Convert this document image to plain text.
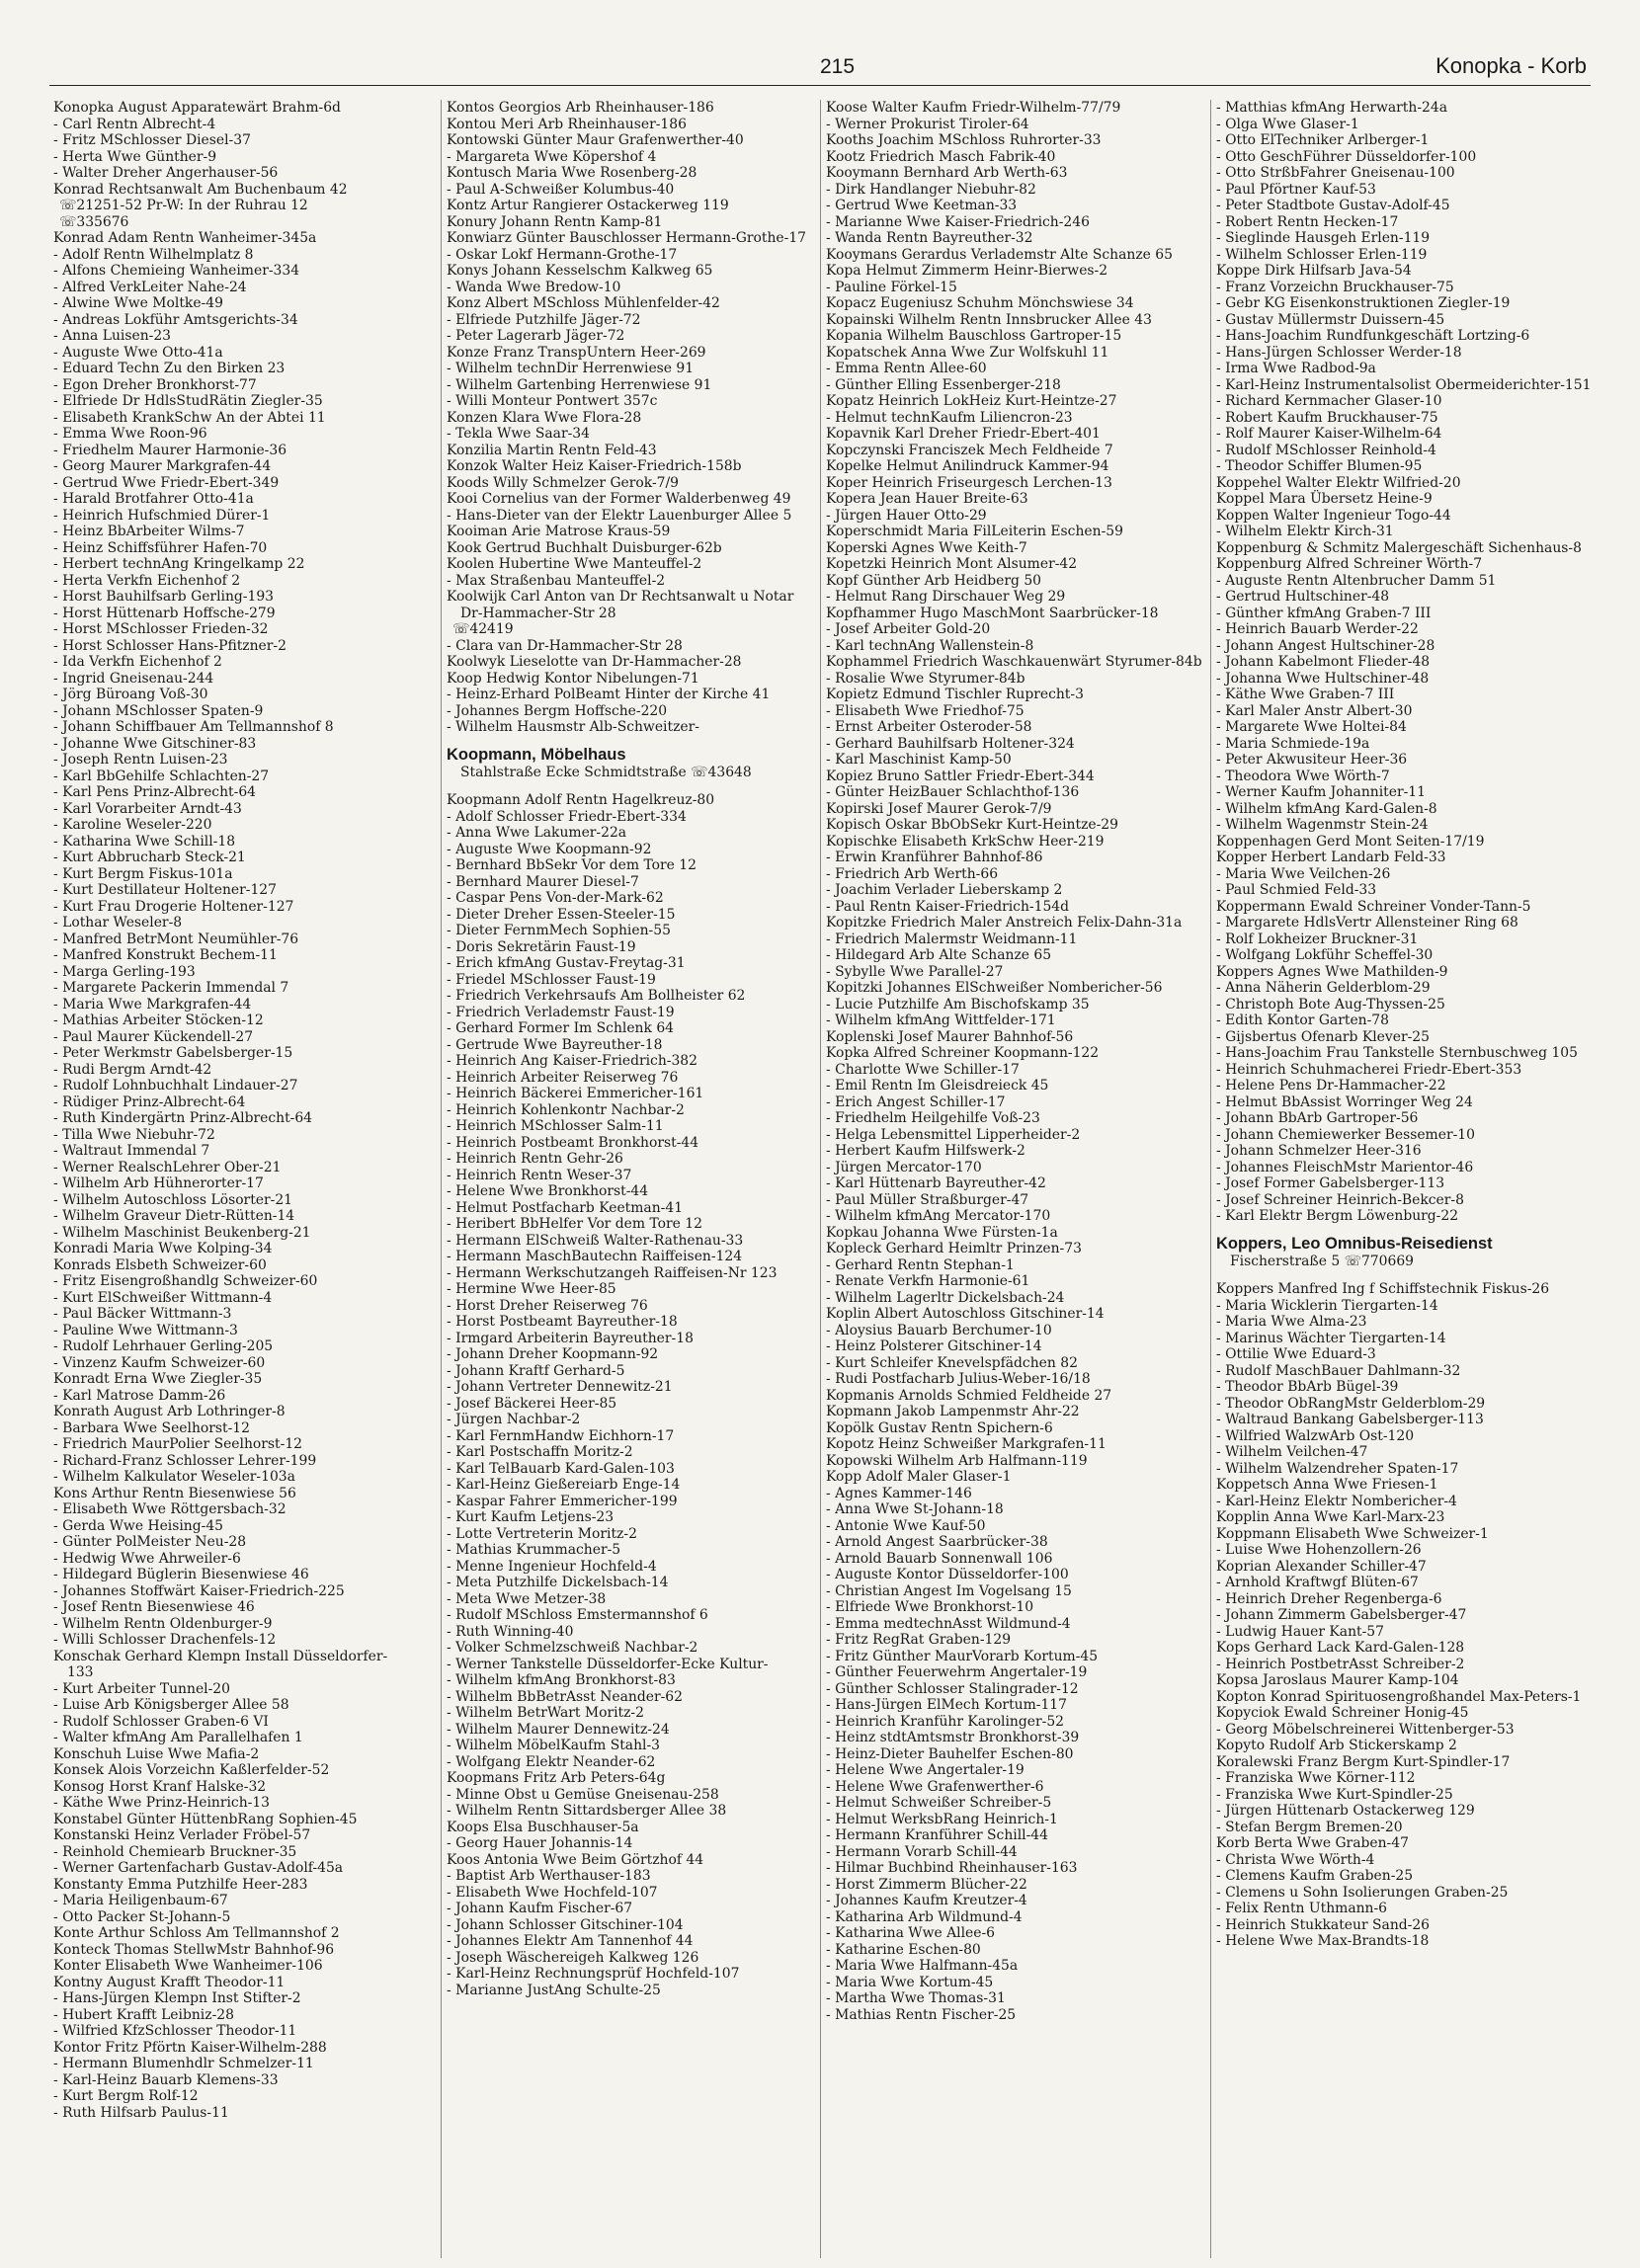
215	Konopka - Korb
Konopka August Apparatewärt Brahm-6d
- Carl Rentn Albrecht-4
- Fritz MSchlosser Diesel-37
- Herta Wwe Günther-9
- Walter Dreher Angerhauser-56
Konrad Rechtsanwalt Am Buchenbaum 42
☏21251-52 Pr-W: In der Ruhrau 12
☏335676
Konrad Adam Rentn Wanheimer-345a
- Adolf Rentn Wilhelmplatz 8
- Alfons Chemieing Wanheimer-334
- Alfred VerkLeiter Nahe-24
- Alwine Wwe Moltke-49
- Andreas Lokführ Amtsgerichts-34
- Anna Luisen-23
- Auguste Wwe Otto-41a
- Eduard Techn Zu den Birken 23
- Egon Dreher Bronkhorst-77
- Elfriede Dr HdlsStudRätin Ziegler-35
- Elisabeth KrankSchw An der Abtei 11
- Emma Wwe Roon-96
- Friedhelm Maurer Harmonie-36
- Georg Maurer Markgrafen-44
- Gertrud Wwe Friedr-Ebert-349
- Harald Brotfahrer Otto-41a
- Heinrich Hufschmied Dürer-1
- Heinz BbArbeiter Wilms-7
- Heinz Schiffsführer Hafen-70
- Herbert technAng Kringelkamp 22
- Herta Verkfn Eichenhof 2
- Horst Bauhilfsarb Gerling-193
- Horst Hüttenarb Hoffsche-279
- Horst MSchlosser Frieden-32
- Horst Schlosser Hans-Pfitzner-2
- Ida Verkfn Eichenhof 2
- Ingrid Gneisenau-244
- Jörg Büroang Voß-30
- Johann MSchlosser Spaten-9
- Johann Schiffbauer Am Tellmannshof 8
- Johanne Wwe Gitschiner-83
- Joseph Rentn Luisen-23
- Karl BbGehilfe Schlachten-27
- Karl Pens Prinz-Albrecht-64
- Karl Vorarbeiter Arndt-43
- Karoline Weseler-220
- Katharina Wwe Schill-18
- Kurt Abbrucharb Steck-21
- Kurt Bergm Fiskus-101a
- Kurt Destillateur Holtener-127
- Kurt Frau Drogerie Holtener-127
- Lothar Weseler-8
- Manfred BetrMont Neumühler-76
- Manfred Konstrukt Bechem-11
- Marga Gerling-193
- Margarete Packerin Immendal 7
- Maria Wwe Markgrafen-44
- Mathias Arbeiter Stöcken-12
- Paul Maurer Kückendell-27
- Peter Werkmstr Gabelsberger-15
- Rudi Bergm Arndt-42
- Rudolf Lohnbuchhalt Lindauer-27
- Rüdiger Prinz-Albrecht-64
- Ruth Kindergärtn Prinz-Albrecht-64
- Tilla Wwe Niebuhr-72
- Waltraut Immendal 7
- Werner RealschLehrer Ober-21
- Wilhelm Arb Hühnerorter-17
- Wilhelm Autoschloss Lösorter-21
- Wilhelm Graveur Dietr-Rütten-14
- Wilhelm Maschinist Beukenberg-21
Konradi Maria Wwe Kolping-34
Konrads Elsbeth Schweizer-60
- Fritz Eisengroßhandlg Schweizer-60
- Kurt ElSchweißer Wittmann-4
- Paul Bäcker Wittmann-3
- Pauline Wwe Wittmann-3
- Rudolf Lehrhauer Gerling-205
- Vinzenz Kaufm Schweizer-60
Konradt Erna Wwe Ziegler-35
- Karl Matrose Damm-26
Konrath August Arb Lothringer-8
- Barbara Wwe Seelhorst-12
- Friedrich MaurPolier Seelhorst-12
- Richard-Franz Schlosser Lehrer-199
- Wilhelm Kalkulator Weseler-103a
Kons Arthur Rentn Biesenwiese 56
- Elisabeth Wwe Röttgersbach-32
- Gerda Wwe Heising-45
- Günter PolMeister Neu-28
- Hedwig Wwe Ahrweiler-6
- Hildegard Büglerin Biesenwiese 46
- Johannes Stoffwärt Kaiser-Friedrich-225
- Josef Rentn Biesenwiese 46
- Wilhelm Rentn Oldenburger-9
- Willi Schlosser Drachenfels-12
Konschak Gerhard Klempn Install Düsseldorfer-133
- Kurt Arbeiter Tunnel-20
- Luise Arb Königsberger Allee 58
- Rudolf Schlosser Graben-6 VI
- Walter kfmAng Am Parallelhafen 1
Konschuh Luise Wwe Mafia-2
Konsek Alois Vorzeichn Kaßlerfelder-52
Konsog Horst Kranf Halske-32
- Käthe Wwe Prinz-Heinrich-13
Konstabel Günter HüttenbRang Sophien-45
Konstanski Heinz Verlader Fröbel-57
- Reinhold Chemiearb Bruckner-35
- Werner Gartenfacharb Gustav-Adolf-45a
Konstanty Emma Putzhilfe Heer-283
- Maria Heiligenbaum-67
- Otto Packer St-Johann-5
Konte Arthur Schloss Am Tellmannshof 2
Konteck Thomas StellwMstr Bahnhof-96
Konter Elisabeth Wwe Wanheimer-106
Kontny August Krafft Theodor-11
- Hans-Jürgen Klempn Inst Stifter-2
- Hubert Krafft Leibniz-28
- Wilfried KfzSchlosser Theodor-11
Kontor Fritz Pförtn Kaiser-Wilhelm-288
- Hermann Blumenhdlr Schmelzer-11
- Karl-Heinz Bauarb Klemens-33
- Kurt Bergm Rolf-12
- Ruth Hilfsarb Paulus-11
Kontos Georgios Arb Rheinhauser-186
Kontou Meri Arb Rheinhauser-186
Kontowski Günter Maur Grafenwerther-40
- Margareta Wwe Köpershof 4
Kontusch Maria Wwe Rosenberg-28
- Paul A-Schweißer Kolumbus-40
Kontz Artur Rangierer Ostackerweg 119
Konury Johann Rentn Kamp-81
Konwiarz Günter Bauschlosser Hermann-Grothe-17
- Oskar Lokf Hermann-Grothe-17
Konys Johann Kesselschm Kalkweg 65
- Wanda Wwe Bredow-10
Konz Albert MSchloss Mühlenfelder-42
- Elfriede Putzhilfe Jäger-72
- Peter Lagerarb Jäger-72
Konze Franz TranspUntern Heer-269
- Wilhelm technDir Herrenwiese 91
- Wilhelm Gartenbing Herrenwiese 91
- Willi Monteur Pontwert 357c
Konzen Klara Wwe Flora-28
- Tekla Wwe Saar-34
Konzilia Martin Rentn Feld-43
Konzok Walter Heiz Kaiser-Friedrich-158b
Koods Willy Schmelzer Gerok-7/9
Kooi Cornelius van der Former Walderbenweg 49
- Hans-Dieter van der Elektr Lauenburger Allee 5
Kooiman Arie Matrose Kraus-59
Kook Gertrud Buchhalt Duisburger-62b
Koolen Hubertine Wwe Manteuffel-2
- Max Straßenbau Manteuffel-2
Koolwijk Carl Anton van Dr Rechtsanwalt u Notar Dr-Hammacher-Str 28
☏42419
- Clara van Dr-Hammacher-Str 28
Koolwyk Lieselotte van Dr-Hammacher-28
Koop Hedwig Kontor Nibelungen-71
- Heinz-Erhard PolBeamt Hinter der Kirche 41
- Johannes Bergm Hoffsche-220
- Wilhelm Hausmstr Alb-Schweitzer-
Koopmann, Möbelhaus
Stahlstraße Ecke Schmidtstraße ☏43648
Koopmann Adolf Rentn Hagelkreuz-80
- Adolf Schlosser Friedr-Ebert-334
- Anna Wwe Lakumer-22a
- Auguste Wwe Koopmann-92
- Bernhard BbSekr Vor dem Tore 12
- Bernhard Maurer Diesel-7
- Caspar Pens Von-der-Mark-62
- Dieter Dreher Essen-Steeler-15
- Dieter FernmMech Sophien-55
- Doris Sekretärin Faust-19
- Erich kfmAng Gustav-Freytag-31
- Friedel MSchlosser Faust-19
- Friedrich Verkehrsaufs Am Bollheister 62
- Friedrich Verlademstr Faust-19
- Gerhard Former Im Schlenk 64
- Gertrude Wwe Bayreuther-18
- Heinrich Ang Kaiser-Friedrich-382
- Heinrich Arbeiter Reiserweg 76
- Heinrich Bäckerei Emmericher-161
- Heinrich Kohlenkontr Nachbar-2
- Heinrich MSchlosser Salm-11
- Heinrich Postbeamt Bronkhorst-44
- Heinrich Rentn Gehr-26
- Heinrich Rentn Weser-37
- Helene Wwe Bronkhorst-44
- Helmut Postfacharb Keetman-41
- Heribert BbHelfer Vor dem Tore 12
- Hermann ElSchweiß Walter-Rathenau-33
- Hermann MaschBautechn Raiffeisen-124
- Hermann Werkschutzangeh Raiffeisen-Nr 123
- Hermine Wwe Heer-85
- Horst Dreher Reiserweg 76
- Horst Postbeamt Bayreuther-18
- Irmgard Arbeiterin Bayreuther-18
- Johann Dreher Koopmann-92
- Johann Kraftf Gerhard-5
- Johann Vertreter Dennewitz-21
- Josef Bäckerei Heer-85
- Jürgen Nachbar-2
- Karl FernmHandw Eichhorn-17
- Karl Postschaffn Moritz-2
- Karl TelBauarb Kard-Galen-103
- Karl-Heinz Gießereiarb Enge-14
- Kaspar Fahrer Emmericher-199
- Kurt Kaufm Letjens-23
- Lotte Vertreterin Moritz-2
- Mathias Krummacher-5
- Menne Ingenieur Hochfeld-4
- Meta Putzhilfe Dickelsbach-14
- Meta Wwe Metzer-38
- Rudolf MSchloss Emstermannshof 6
- Ruth Winning-40
- Volker Schmelzschweiß Nachbar-2
- Werner Tankstelle Düsseldorfer-Ecke Kultur-
- Wilhelm kfmAng Bronkhorst-83
- Wilhelm BbBetrAsst Neander-62
- Wilhelm BetrWart Moritz-2
- Wilhelm Maurer Dennewitz-24
- Wilhelm MöbelKaufm Stahl-3
- Wolfgang Elektr Neander-62
Koopmans Fritz Arb Peters-64g
- Minne Obst u Gemüse Gneisenau-258
- Wilhelm Rentn Sittardsberger Allee 38
Koops Elsa Buschhauser-5a
- Georg Hauer Johannis-14
Koos Antonia Wwe Beim Görtzhof 44
- Baptist Arb Werthauser-183
- Elisabeth Wwe Hochfeld-107
- Johann Kaufm Fischer-67
- Johann Schlosser Gitschiner-104
- Johannes Elektr Am Tannenhof 44
- Joseph Wäschereigeh Kalkweg 126
- Karl-Heinz Rechnungsprüf Hochfeld-107
- Marianne JustAng Schulte-25
Koose Walter Kaufm Friedr-Wilhelm-77/79
- Werner Prokurist Tiroler-64
Kooths Joachim MSchloss Ruhrorter-33
Kootz Friedrich Masch Fabrik-40
Kooymann Bernhard Arb Werth-63
- Dirk Handlanger Niebuhr-82
- Gertrud Wwe Keetman-33
- Marianne Wwe Kaiser-Friedrich-246
- Wanda Rentn Bayreuther-32
Kooymans Gerardus Verlademstr Alte Schanze 65
Kopa Helmut Zimmerm Heinr-Bierwes-2
- Pauline Förkel-15
Kopacz Eugeniusz Schuhm Mönchswiese 34
Kopainski Wilhelm Rentn Innsbrucker Allee 43
Kopania Wilhelm Bauschloss Gartroper-15
Kopatschek Anna Wwe Zur Wolfskuhl 11
- Emma Rentn Allee-60
- Günther Elling Essenberger-218
Kopatz Heinrich LokHeiz Kurt-Heintze-27
- Helmut technKaufm Liliencron-23
Kopavnik Karl Dreher Friedr-Ebert-401
Kopczynski Franciszek Mech Feldheide 7
Kopelke Helmut Anilindruck Kammer-94
Koper Heinrich Friseurgesch Lerchen-13
Kopera Jean Hauer Breite-63
- Jürgen Hauer Otto-29
Koperschmidt Maria FilLeiterin Eschen-59
Koperski Agnes Wwe Keith-7
Kopetzki Heinrich Mont Alsumer-42
Kopf Günther Arb Heidberg 50
- Helmut Rang Dirschauer Weg 29
Kopfhammer Hugo MaschMont Saarbrücker-18
- Josef Arbeiter Gold-20
- Karl technAng Wallenstein-8
Kophammel Friedrich Waschkauenwärt Styrumer-84b
- Rosalie Wwe Styrumer-84b
Kopietz Edmund Tischler Ruprecht-3
- Elisabeth Wwe Friedhof-75
- Ernst Arbeiter Osteroder-58
- Gerhard Bauhilfsarb Holtener-324
- Karl Maschinist Kamp-50
Kopiez Bruno Sattler Friedr-Ebert-344
- Günter HeizBauer Schlachthof-136
Kopirski Josef Maurer Gerok-7/9
Kopisch Oskar BbObSekr Kurt-Heintze-29
Kopischke Elisabeth KrkSchw Heer-219
- Erwin Kranführer Bahnhof-86
- Friedrich Arb Werth-66
- Joachim Verlader Lieberskamp 2
- Paul Rentn Kaiser-Friedrich-154d
Kopitzke Friedrich Maler Anstreich Felix-Dahn-31a
- Friedrich Malermstr Weidmann-11
- Hildegard Arb Alte Schanze 65
- Sybylle Wwe Parallel-27
Kopitzki Johannes ElSchweißer Nombericher-56
- Lucie Putzhilfe Am Bischofskamp 35
- Wilhelm kfmAng Wittfelder-171
Koplenski Josef Maurer Bahnhof-56
Kopka Alfred Schreiner Koopmann-122
- Charlotte Wwe Schiller-17
- Emil Rentn Im Gleisdreieck 45
- Erich Angest Schiller-17
- Friedhelm Heilgehilfe Voß-23
- Helga Lebensmittel Lipperheider-2
- Herbert Kaufm Hilfswerk-2
- Jürgen Mercator-170
- Karl Hüttenarb Bayreuther-42
- Paul Müller Straßburger-47
- Wilhelm kfmAng Mercator-170
Kopkau Johanna Wwe Fürsten-1a
Kopleck Gerhard Heimltr Prinzen-73
- Gerhard Rentn Stephan-1
- Renate Verkfn Harmonie-61
- Wilhelm Lagerltr Dickelsbach-24
Koplin Albert Autoschloss Gitschiner-14
- Aloysius Bauarb Berchumer-10
- Heinz Polsterer Gitschiner-14
- Kurt Schleifer Knevelspfädchen 82
- Rudi Postfacharb Julius-Weber-16/18
Kopmanis Arnolds Schmied Feldheide 27
Kopmann Jakob Lampenmstr Ahr-22
Kopölk Gustav Rentn Spichern-6
Kopotz Heinz Schweißer Markgrafen-11
Kopowski Wilhelm Arb Halfmann-119
Kopp Adolf Maler Glaser-1
- Agnes Kammer-146
- Anna Wwe St-Johann-18
- Antonie Wwe Kauf-50
- Arnold Angest Saarbrücker-38
- Arnold Bauarb Sonnenwall 106
- Auguste Kontor Düsseldorfer-100
- Christian Angest Im Vogelsang 15
- Elfriede Wwe Bronkhorst-10
- Emma medtechnAsst Wildmund-4
- Fritz RegRat Graben-129
- Fritz Günther MaurVorarb Kortum-45
- Günther Feuerwehrm Angertaler-19
- Günther Schlosser Stalingrader-12
- Hans-Jürgen ElMech Kortum-117
- Heinrich Kranführ Karolinger-52
- Heinz stdtAmtsmstr Bronkhorst-39
- Heinz-Dieter Bauhelfer Eschen-80
- Helene Wwe Angertaler-19
- Helene Wwe Grafenwerther-6
- Helmut Schweißer Schreiber-5
- Helmut WerksbRang Heinrich-1
- Hermann Kranführer Schill-44
- Hermann Vorarb Schill-44
- Hilmar Buchbind Rheinhauser-163
- Horst Zimmerm Blücher-22
- Johannes Kaufm Kreutzer-4
- Katharina Arb Wildmund-4
- Katharina Wwe Allee-6
- Katharine Eschen-80
- Maria Wwe Halfmann-45a
- Maria Wwe Kortum-45
- Martha Wwe Thomas-31
- Mathias Rentn Fischer-25
- Matthias kfmAng Herwarth-24a
- Olga Wwe Glaser-1
- Otto ElTechniker Arlberger-1
- Otto GeschFührer Düsseldorfer-100
- Otto StrßbFahrer Gneisenau-100
- Paul Pförtner Kauf-53
- Peter Stadtbote Gustav-Adolf-45
- Robert Rentn Hecken-17
- Sieglinde Hausgeh Erlen-119
- Wilhelm Schlosser Erlen-119
Koppe Dirk Hilfsarb Java-54
- Franz Vorzeichn Bruckhauser-75
- Gebr KG Eisenkonstruktionen Ziegler-19
- Gustav Müllermstr Duissern-45
- Hans-Joachim Rundfunkgeschäft Lortzing-6
- Hans-Jürgen Schlosser Werder-18
- Irma Wwe Radbod-9a
- Karl-Heinz Instrumentalsolist Obermeiderichter-151
- Richard Kernmacher Glaser-10
- Robert Kaufm Bruckhauser-75
- Rolf Maurer Kaiser-Wilhelm-64
- Rudolf MSchlosser Reinhold-4
- Theodor Schiffer Blumen-95
Koppehel Walter Elektr Wilfried-20
Koppel Mara Übersetz Heine-9
Koppen Walter Ingenieur Togo-44
- Wilhelm Elektr Kirch-31
Koppenburg & Schmitz Malergeschäft Sichenhaus-8
Koppenburg Alfred Schreiner Wörth-7
- Auguste Rentn Altenbrucher Damm 51
- Gertrud Hultschiner-48
- Günther kfmAng Graben-7 III
- Heinrich Bauarb Werder-22
- Johann Angest Hultschiner-28
- Johann Kabelmont Flieder-48
- Johanna Wwe Hultschiner-48
- Käthe Wwe Graben-7 III
- Karl Maler Anstr Albert-30
- Margarete Wwe Holtei-84
- Maria Schmiede-19a
- Peter Akwusiteur Heer-36
- Theodora Wwe Wörth-7
- Werner Kaufm Johanniter-11
- Wilhelm kfmAng Kard-Galen-8
- Wilhelm Wagenmstr Stein-24
Koppenhagen Gerd Mont Seiten-17/19
Kopper Herbert Landarb Feld-33
- Maria Wwe Veilchen-26
- Paul Schmied Feld-33
Koppermann Ewald Schreiner Vonder-Tann-5
- Margarete HdlsVertr Allensteiner Ring 68
- Rolf Lokheizer Bruckner-31
- Wolfgang Lokführ Scheffel-30
Koppers Agnes Wwe Mathilden-9
- Anna Näherin Gelderblom-29
- Christoph Bote Aug-Thyssen-25
- Edith Kontor Garten-78
- Gijsbertus Ofenarb Klever-25
- Hans-Joachim Frau Tankstelle Sternbuschweg 105
- Heinrich Schuhmacherei Friedr-Ebert-353
- Helene Pens Dr-Hammacher-22
- Helmut BbAssist Worringer Weg 24
- Johann BbArb Gartroper-56
- Johann Chemiewerker Bessemer-10
- Johann Schmelzer Heer-316
- Johannes FleischMstr Marientor-46
- Josef Former Gabelsberger-113
- Josef Schreiner Heinrich-Bekcer-8
- Karl Elektr Bergm Löwenburg-22
Koppers, Leo Omnibus-Reisedienst
Fischerstraße 5 ☏770669
Koppers Manfred Ing f Schiffstechnik Fiskus-26
- Maria Wicklerin Tiergarten-14
- Maria Wwe Alma-23
- Marinus Wächter Tiergarten-14
- Ottilie Wwe Eduard-3
- Rudolf MaschBauer Dahlmann-32
- Theodor BbArb Bügel-39
- Theodor ObRangMstr Gelderblom-29
- Waltraud Bankang Gabelsberger-113
- Wilfried WalzwArb Ost-120
- Wilhelm Veilchen-47
- Wilhelm Walzendreher Spaten-17
Koppetsch Anna Wwe Friesen-1
- Karl-Heinz Elektr Nombericher-4
Kopplin Anna Wwe Karl-Marx-23
Koppmann Elisabeth Wwe Schweizer-1
- Luise Wwe Hohenzollern-26
Koprian Alexander Schiller-47
- Arnhold Kraftwgf Blüten-67
- Heinrich Dreher Regenberga-6
- Johann Zimmerm Gabelsberger-47
- Ludwig Hauer Kant-57
Kops Gerhard Lack Kard-Galen-128
- Heinrich PostbetrAsst Schreiber-2
Kopsa Jaroslaus Maurer Kamp-104
Kopton Konrad Spirituosengroßhandel Max-Peters-1
Kopyciok Ewald Schreiner Honig-45
- Georg Möbelschreinerei Wittenberger-53
Kopyto Rudolf Arb Stickerskamp 2
Koralewski Franz Bergm Kurt-Spindler-17
- Franziska Wwe Körner-112
- Franziska Wwe Kurt-Spindler-25
- Jürgen Hüttenarb Ostackerweg 129
- Stefan Bergm Bremen-20
Korb Berta Wwe Graben-47
- Christa Wwe Wörth-4
- Clemens Kaufm Graben-25
- Clemens u Sohn Isolierungen Graben-25
- Felix Rentn Uthmann-6
- Heinrich Stukkateur Sand-26
- Helene Wwe Max-Brandts-18
